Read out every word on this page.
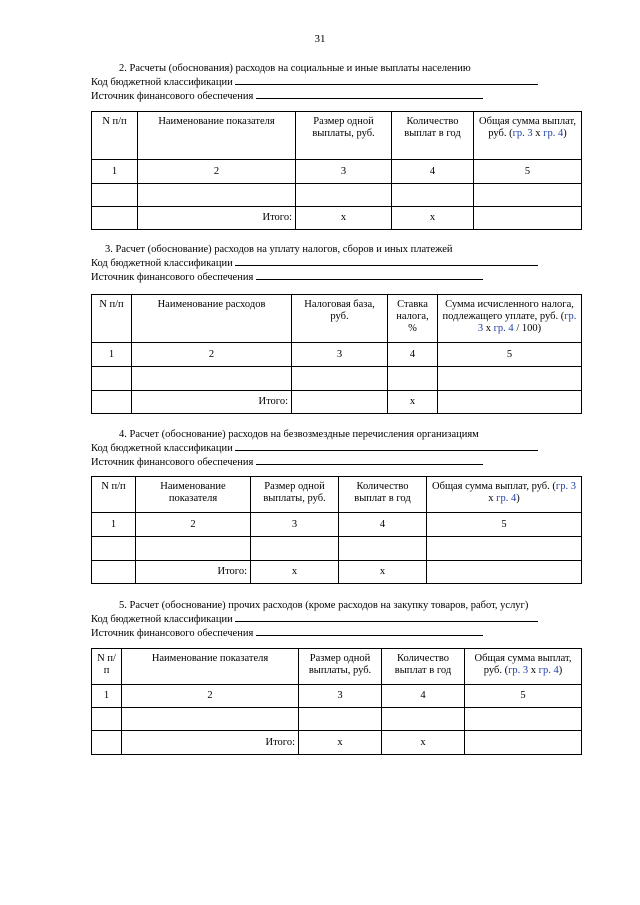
31
2. Расчеты (обоснования) расходов на социальные и иные выплаты населению
Код бюджетной классификации
Источник финансового обеспечения
N п/п	Наименование показателя	Размер одной выплаты, руб.	Количество выплат в год	Общая сумма выплат, руб. (гр. 3 х гр. 4)
1	2	3	4	5

	Итого:	х	х	
3. Расчет (обоснование) расходов на уплату налогов, сборов и иных платежей
Код бюджетной классификации
Источник финансового обеспечения
N п/п	Наименование расходов	Налоговая база, руб.	Ставка налога, %	Сумма исчисленного налога, подлежащего уплате, руб. (гр. 3 х гр. 4 / 100)
1	2	3	4	5

	Итого:		х	
4. Расчет (обоснование) расходов на безвозмездные перечисления организациям
Код бюджетной классификации
Источник финансового обеспечения
N п/п	Наименование показателя	Размер одной выплаты, руб.	Количество выплат в год	Общая сумма выплат, руб. (гр. 3 х гр. 4)
1	2	3	4	5

	Итого:	х	х	
5. Расчет (обоснование) прочих расходов (кроме расходов на закупку товаров, работ, услуг)
Код бюджетной классификации
Источник финансового обеспечения
N п/п	Наименование показателя	Размер одной выплаты, руб.	Количество выплат в год	Общая сумма выплат, руб. (гр. 3 х гр. 4)
1	2	3	4	5

	Итого:	х	х	
